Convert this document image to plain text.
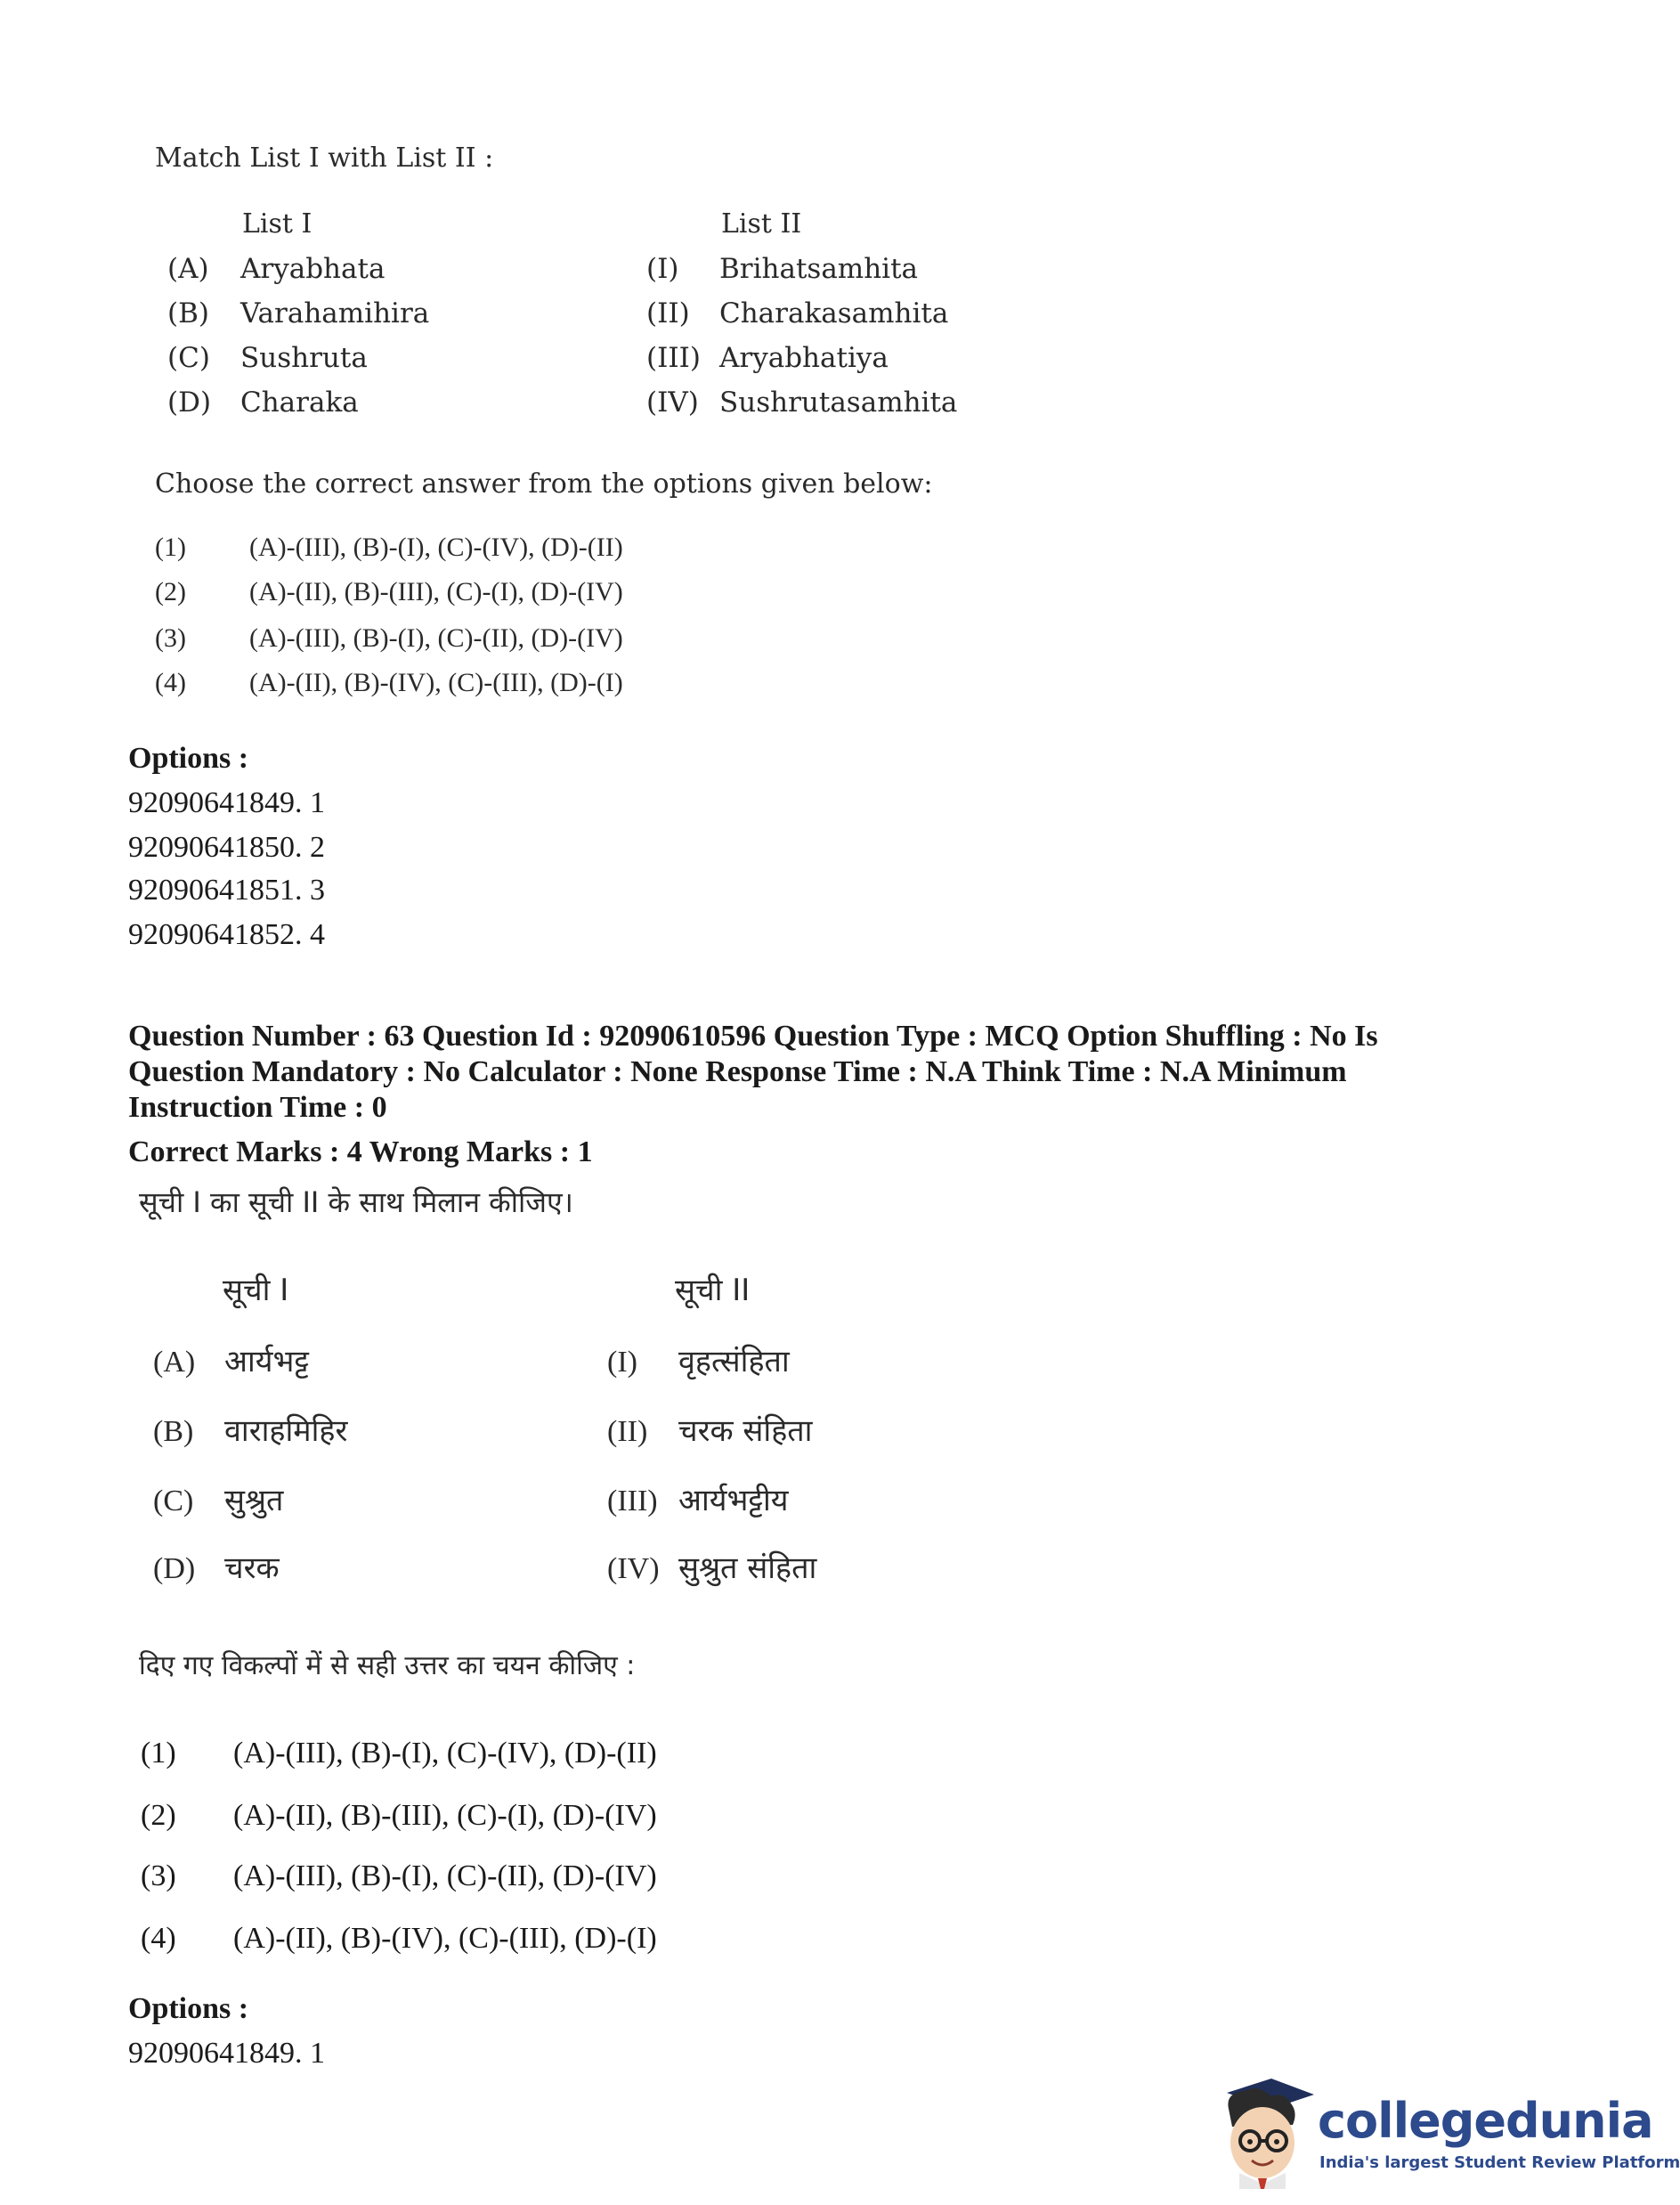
Match List I with List II :
List I	List II
(A) Aryabhata
(B) Varahamihira
(C) Sushruta
(D) Charaka
(I) Brihatsamhita
(II) Charakasamhita
(III) Aryabhatiya
(IV) Sushrutasamhita
Choose the correct answer from the options given below:
(1) (A)-(III), (B)-(I), (C)-(IV), (D)-(II)
(2) (A)-(II), (B)-(III), (C)-(I), (D)-(IV)
(3) (A)-(III), (B)-(I), (C)-(II), (D)-(IV)
(4) (A)-(II), (B)-(IV), (C)-(III), (D)-(I)
Options :
92090641849. 1
92090641850. 2
92090641851. 3
92090641852. 4
Question Number : 63 Question Id : 92090610596 Question Type : MCQ Option Shuffling : No Is
Question Mandatory : No Calculator : None Response Time : N.A Think Time : N.A Minimum
Instruction Time : 0
Correct Marks : 4 Wrong Marks : 1
सूची I का सूची II के साथ मिलान कीजिए।
सूची I	सूची II
(A) आर्यभट्ट
(B) वाराहमिहिर
(C) सुश्रुत
(D) चरक
(I) वृहत्संहिता
(II) चरक संहिता
(III) आर्यभट्टीय
(IV) सुश्रुत संहिता
दिए गए विकल्पों में से सही उत्तर का चयन कीजिए :
(1) (A)-(III), (B)-(I), (C)-(IV), (D)-(II)
(2) (A)-(II), (B)-(III), (C)-(I), (D)-(IV)
(3) (A)-(III), (B)-(I), (C)-(II), (D)-(IV)
(4) (A)-(II), (B)-(IV), (C)-(III), (D)-(I)
Options :
92090641849. 1
collegedunia
India's largest Student Review Platform
